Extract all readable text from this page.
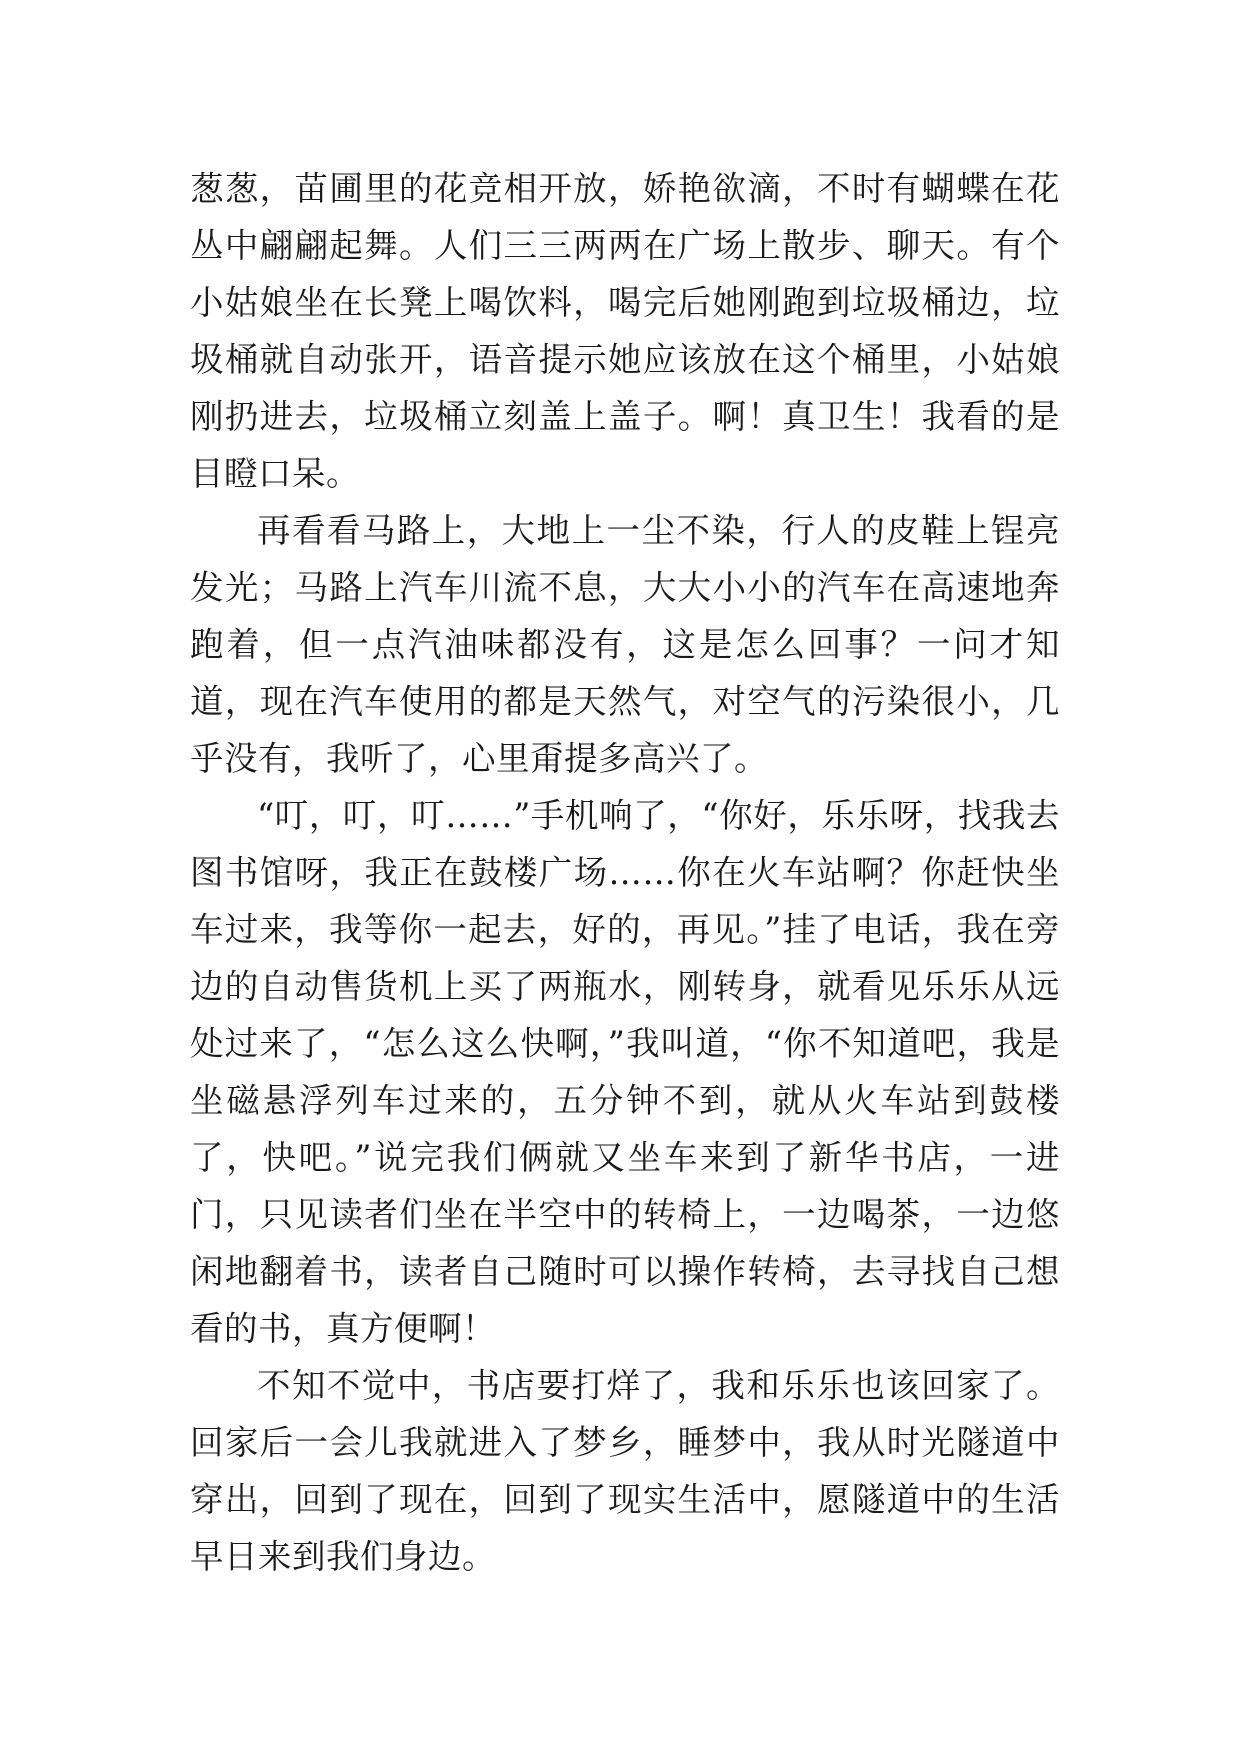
葱葱，苗圃里的花竞相开放，娇艳欲滴，不时有蝴蝶在花丛中翩翩起舞。人们三三两两在广场上散步、聊天。有个小姑娘坐在长凳上喝饮料，喝完后她刚跑到垃圾桶边，垃圾桶就自动张开，语音提示她应该放在这个桶里，小姑娘刚扔进去，垃圾桶立刻盖上盖子。啊！真卫生！我看的是目瞪口呆。

再看看马路上，大地上一尘不染，行人的皮鞋上锃亮发光；马路上汽车川流不息，大大小小的汽车在高速地奔跑着，但一点汽油味都没有，这是怎么回事？一问才知道，现在汽车使用的都是天然气，对空气的污染很小，几乎没有，我听了，心里甭提多高兴了。

“叮，叮，叮……”手机响了，“你好，乐乐呀，找我去图书馆呀，我正在鼓楼广场……你在火车站啊？你赶快坐车过来，我等你一起去，好的，再见。”挂了电话，我在旁边的自动售货机上买了两瓶水，刚转身，就看见乐乐从远处过来了，“怎么这么快啊，”我叫道，“你不知道吧，我是坐磁悬浮列车过来的，五分钟不到，就从火车站到鼓楼了，快吧。”说完我们俩就又坐车来到了新华书店，一进门，只见读者们坐在半空中的转椅上，一边喝茶，一边悠闲地翻着书，读者自己随时可以操作转椅，去寻找自己想看的书，真方便啊！

不知不觉中，书店要打烊了，我和乐乐也该回家了。回家后一会儿我就进入了梦乡，睡梦中，我从时光隧道中穿出，回到了现在，回到了现实生活中，愿隧道中的生活早日来到我们身边。
